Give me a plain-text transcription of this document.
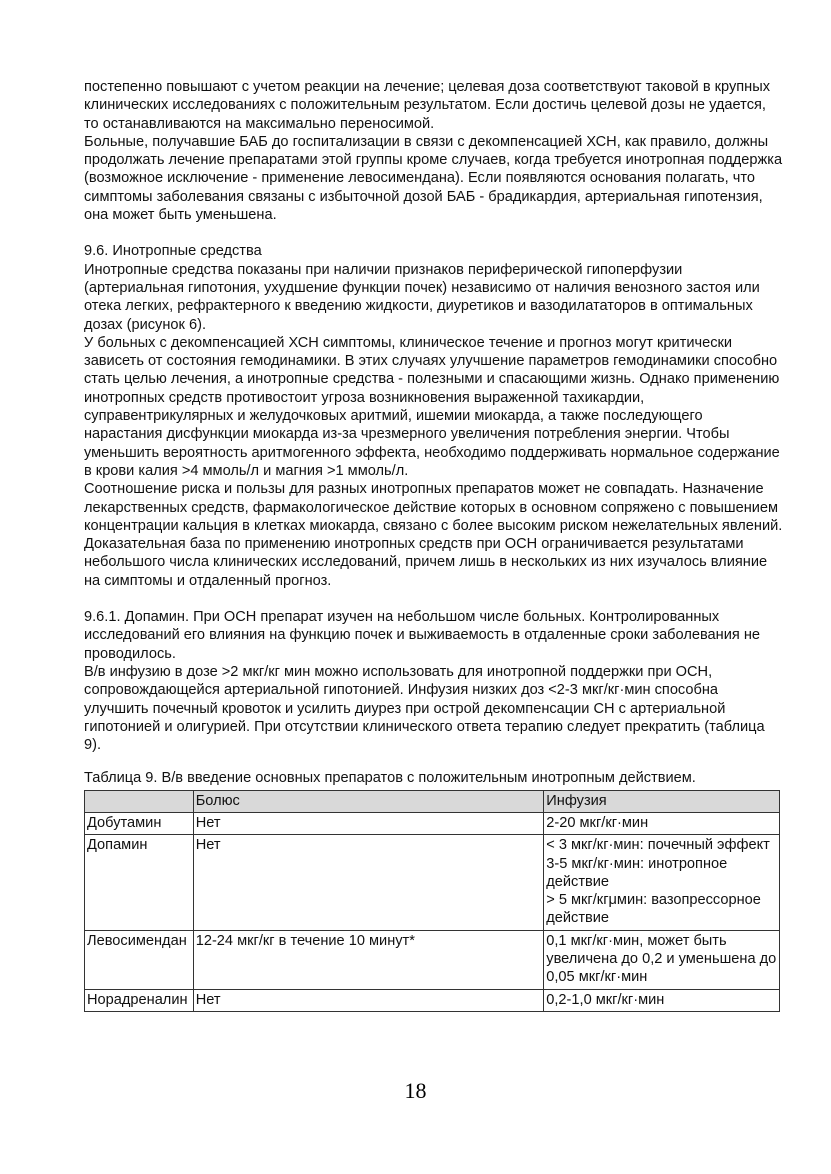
постепенно повышают с учетом реакции на лечение; целевая доза соответствуют таковой в крупных клинических исследованиях с положительным результатом. Если достичь целевой дозы не удается, то останавливаются на максимально переносимой.

Больные, получавшие БАБ до госпитализации в связи с декомпенсацией ХСН, как правило, должны продолжать лечение препаратами этой группы кроме случаев, когда требуется инотропная поддержка (возможное исключение - применение левосимендана). Если появляются основания полагать, что симптомы заболевания связаны с избыточной дозой БАБ - брадикардия, артериальная гипотензия, она может быть уменьшена.

9.6. Инотропные средства

Инотропные средства показаны при наличии признаков периферической гипоперфузии (артериальная гипотония, ухудшение функции почек) независимо от наличия венозного застоя или отека легких, рефрактерного к введению жидкости, диуретиков и вазодилататоров в оптимальных дозах (рисунок 6).

У больных с декомпенсацией ХСН симптомы, клиническое течение и прогноз могут критически зависеть от состояния гемодинамики. В этих случаях улучшение параметров гемодинамики способно стать целью лечения, а инотропные средства - полезными и спасающими жизнь. Однако применению инотропных средств противостоит угроза возникновения выраженной тахикардии, суправентрикулярных и желудочковых аритмий, ишемии миокарда, а также последующего нарастания дисфункции миокарда из-за чрезмерного увеличения потребления энергии. Чтобы уменьшить вероятность аритмогенного эффекта, необходимо поддерживать нормальное содержание в крови калия >4 ммоль/л и магния >1 ммоль/л.

Соотношение риска и пользы для разных инотропных препаратов может не совпадать. Назначение лекарственных средств, фармакологическое действие которых в основном сопряжено с повышением концентрации кальция в клетках миокарда, связано с более высоким риском нежелательных явлений. Доказательная база по применению инотропных средств при ОСН ограничивается результатами небольшого числа клинических исследований, причем лишь в нескольких из них изучалось влияние на симптомы и отдаленный прогноз.

9.6.1. Допамин. При ОСН препарат изучен на небольшом числе больных. Контролированных исследований его влияния на функцию почек и выживаемость в отдаленные сроки заболевания не проводилось.

В/в инфузию в дозе >2 мкг/кг мин можно использовать для инотропной поддержки при ОСН, сопровождающейся артериальной гипотонией. Инфузия низких доз <2-3 мкг/кг·мин способна улучшить почечный кровоток и усилить диурез при острой декомпенсации СН с артериальной гипотонией и олигурией. При отсутствии клинического ответа терапию следует прекратить (таблица 9).

Таблица 9. В/в введение основных препаратов с положительным инотропным действием.

	Болюс	Инфузия
Добутамин	Нет	2-20 мкг/кг·мин

Допамин	Нет	< 3 мкг/кг·мин: почечный эффект
3-5 мкг/кг·мин: инотропное действие
> 5 мкг/кгμмин: вазопрессорное действие

Левосимендан	12-24 мкг/кг в течение 10 минут*	0,1 мкг/кг·мин, может быть увеличена до 0,2 и уменьшена до 0,05 мкг/кг·мин

Норадреналин	Нет	0,2-1,0 мкг/кг·мин
18
